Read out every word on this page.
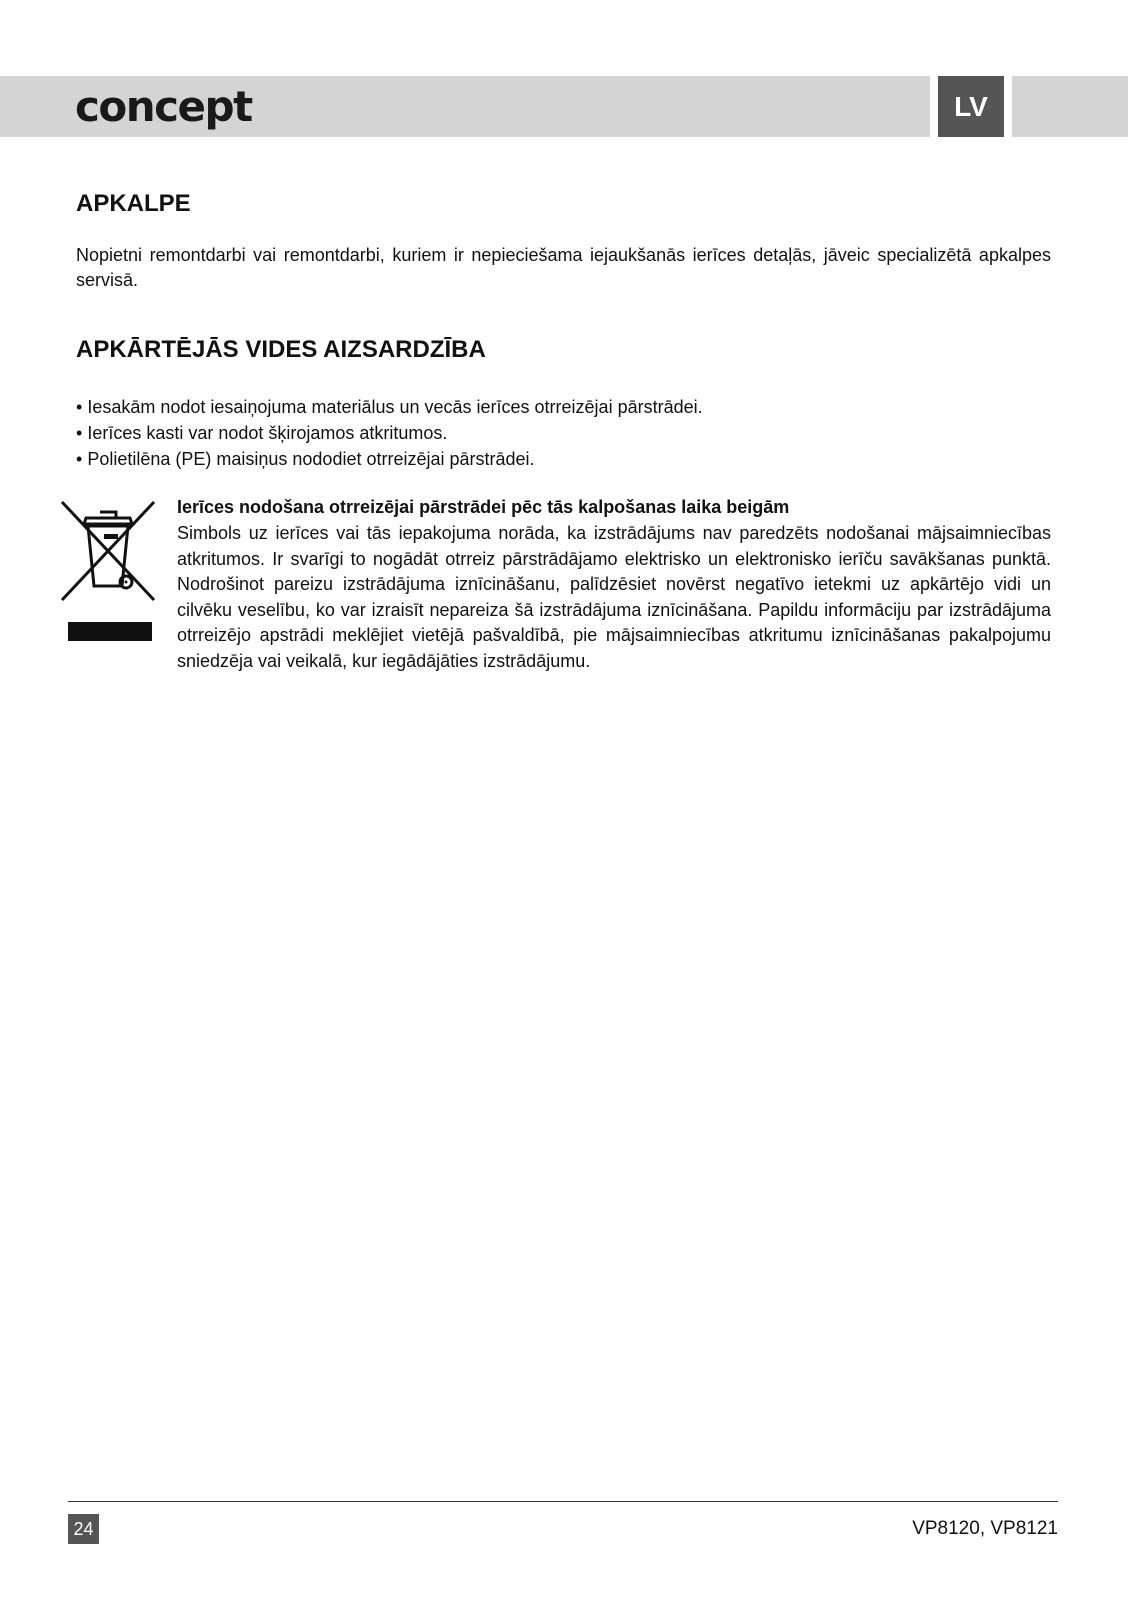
concept	LV
APKALPE

Nopietni remontdarbi vai remontdarbi, kuriem ir nepieciešama iejaukšanās ierīces detaļās, jāveic specializētā apkalpes servisā.

APKĀRTĒJĀS VIDES AIZSARDZĪBA
• Iesakām nodot iesaiņojuma materiālus un vecās ierīces otrreizējai pārstrādei.
• Ierīces kasti var nodot šķirojamos atkritumos.
• Polietilēna (PE) maisiņus nododiet otrreizējai pārstrādei.

Ierīces nodošana otrreizējai pārstrādei pēc tās kalpošanas laika beigām

Simbols uz ierīces vai tās iepakojuma norāda, ka izstrādājums nav paredzēts nodošanai mājsaimniecības atkritumos. Ir svarīgi to nogādāt otrreiz pārstrādājamo elektrisko un elektronisko ierīču savākšanas punktā. Nodrošinot pareizu izstrādājuma iznīcināšanu, palīdzēsiet novērst negatīvo ietekmi uz apkārtējo vidi un cilvēku veselību, ko var izraisīt nepareiza šā izstrādājuma iznīcināšana. Papildu informāciju par izstrādājuma otrreizējo apstrādi meklējiet vietējā pašvaldībā, pie mājsaimniecības atkritumu iznīcināšanas pakalpojumu sniedzēja vai veikalā, kur iegādājāties izstrādājumu.

24	VP8120, VP8121
